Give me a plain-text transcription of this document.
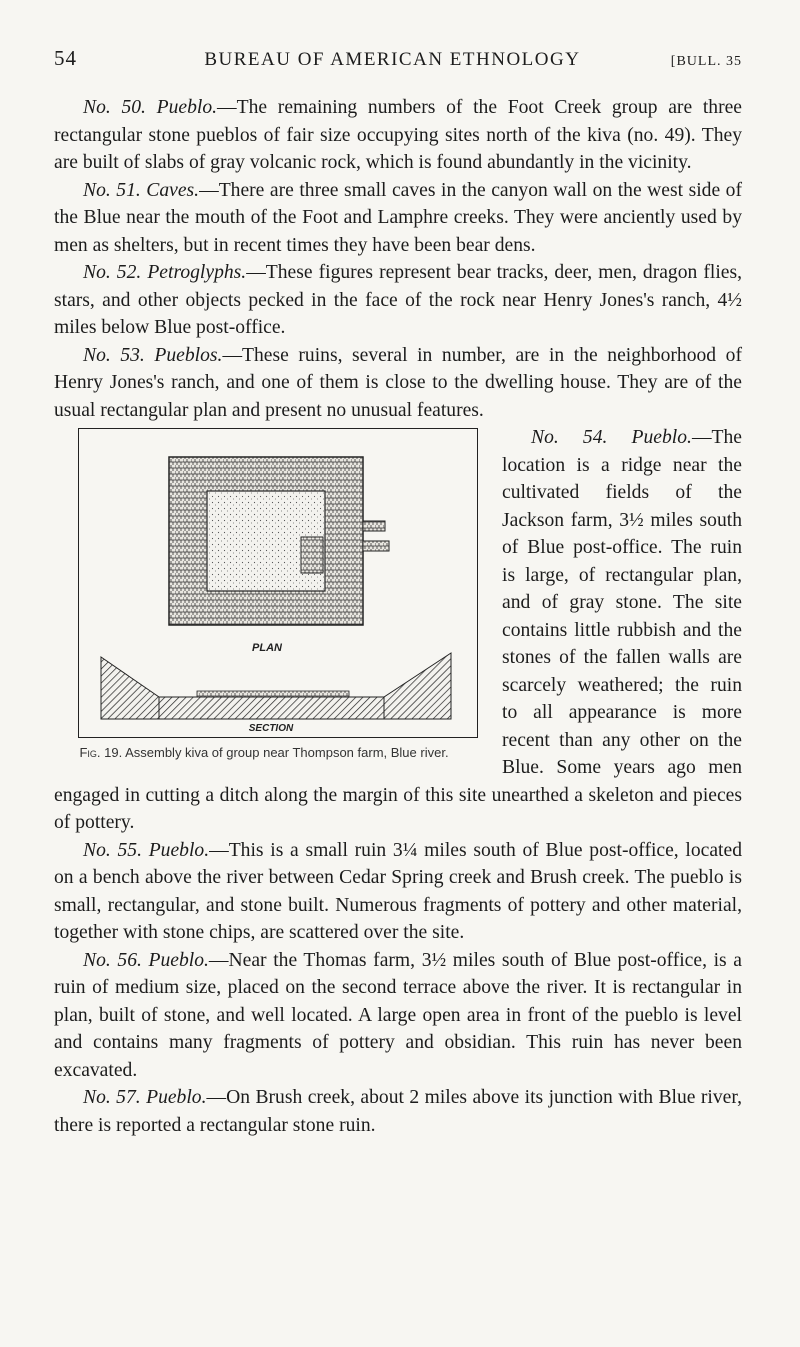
54	BUREAU OF AMERICAN ETHNOLOGY	[BULL. 35

No. 50. Pueblo.—The remaining numbers of the Foot Creek group are three rectangular stone pueblos of fair size occupying sites north of the kiva (no. 49). They are built of slabs of gray volcanic rock, which is found abundantly in the vicinity.

No. 51. Caves.—There are three small caves in the canyon wall on the west side of the Blue near the mouth of the Foot and Lamphre creeks. They were anciently used by men as shelters, but in recent times they have been bear dens.

No. 52. Petroglyphs.—These figures represent bear tracks, deer, men, dragon flies, stars, and other objects pecked in the face of the rock near Henry Jones's ranch, 4½ miles below Blue post-office.

No. 53. Pueblos.—These ruins, several in number, are in the neighborhood of Henry Jones's ranch, and one of them is close to the dwelling house. They are of the usual rectangular plan and present no unusual features.

PLAN
SECTION
Fig. 19. Assembly kiva of group near Thompson farm, Blue river.

No. 54. Pueblo.—The location is a ridge near the cultivated fields of the Jackson farm, 3½ miles south of Blue post-office. The ruin is large, of rectangular plan, and of gray stone. The site contains little rubbish and the stones of the fallen walls are scarcely weathered; the ruin to all appearance is more recent than any other on the Blue. Some years ago men engaged in cutting a ditch along the margin of this site unearthed a skeleton and pieces of pottery.

No. 55. Pueblo.—This is a small ruin 3¼ miles south of Blue post-office, located on a bench above the river between Cedar Spring creek and Brush creek. The pueblo is small, rectangular, and stone built. Numerous fragments of pottery and other material, together with stone chips, are scattered over the site.

No. 56. Pueblo.—Near the Thomas farm, 3½ miles south of Blue post-office, is a ruin of medium size, placed on the second terrace above the river. It is rectangular in plan, built of stone, and well located. A large open area in front of the pueblo is level and contains many fragments of pottery and obsidian. This ruin has never been excavated.

No. 57. Pueblo.—On Brush creek, about 2 miles above its junction with Blue river, there is reported a rectangular stone ruin.
